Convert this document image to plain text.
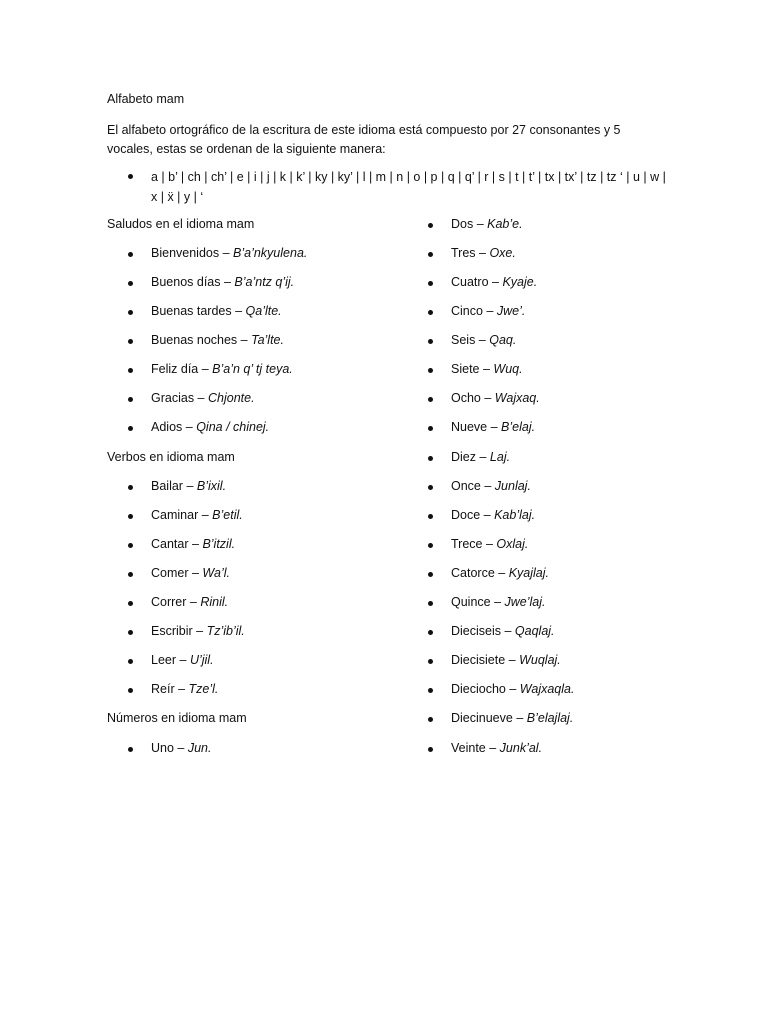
Alfabeto mam
El alfabeto ortográfico de la escritura de este idioma está compuesto por 27 consonantes y 5 vocales, estas se ordenan de la siguiente manera:
a | b’ | ch | ch’ | e | i | j | k | k’ | ky | ky’ | l | m | n | o | p | q | q’ | r | s | t | t’ | tx | tx’ | tz | tz ‘ | u | w | x | ẍ | y | ‘
Saludos en el idioma mam
Bienvenidos – B’a’nkyulena.
Buenos días – B’a’ntz q’ij.
Buenas tardes – Qa’lte.
Buenas noches – Ta’lte.
Feliz día – B’a’n q’ tj teya.
Gracias – Chjonte.
Adios – Qina / chinej.
Verbos en idioma mam
Bailar – B’ixil.
Caminar – B’etil.
Cantar – B’itzil.
Comer – Wa’l.
Correr – Rinil.
Escribir – Tz’ib’il.
Leer – U’jil.
Reír – Tze’l.
Números en idioma mam
Uno – Jun.
Dos – Kab’e.
Tres – Oxe.
Cuatro – Kyaje.
Cinco – Jwe’.
Seis – Qaq.
Siete – Wuq.
Ocho – Wajxaq.
Nueve – B’elaj.
Diez – Laj.
Once – Junlaj.
Doce – Kab’laj.
Trece – Oxlaj.
Catorce – Kyajlaj.
Quince – Jwe’laj.
Dieciseis – Qaqlaj.
Diecisiete – Wuqlaj.
Dieciocho – Wajxaqla.
Diecinueve – B’elajlaj.
Veinte – Junk’al.
